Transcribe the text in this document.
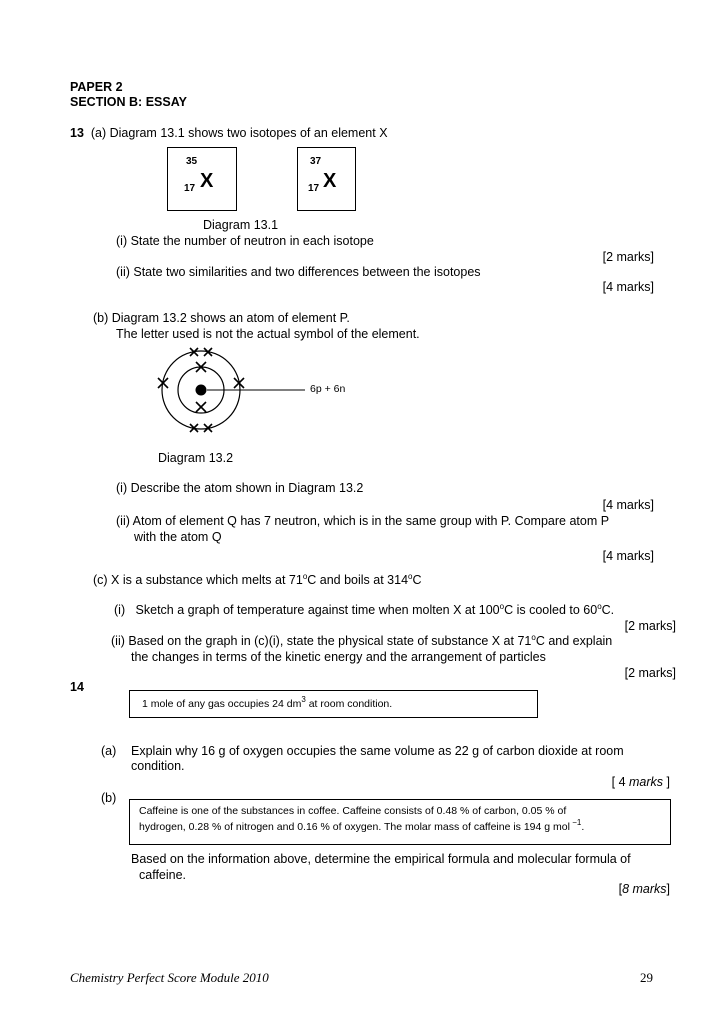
PAPER 2
SECTION B: ESSAY
13 (a) Diagram 13.1 shows two isotopes of an element X
35
17 X
37
17 X
Diagram 13.1
(i) State the number of neutron in each isotope
[2 marks]
(ii) State two similarities and two differences between the isotopes
[4 marks]
(b) Diagram 13.2 shows an atom of element P.
The letter used is not the actual symbol of the element.
6p + 6n
Diagram 13.2
(i) Describe the atom shown in Diagram 13.2
[4 marks]
(ii) Atom of element Q has 7 neutron, which is in the same group with P. Compare atom P
with the atom Q
[4 marks]
(c) X is a substance which melts at 71$^o$C and boils at 314$^o$C
(i) Sketch a graph of temperature against time when molten X at 100$^o$C is cooled to 60$^o$C.
[2 marks]
(ii) Based on the graph in (c)(i), state the physical state of substance X at 71$^o$C and explain
the changes in terms of the kinetic energy and the arrangement of particles
[2 marks]
14
1 mole of any gas occupies 24 $dm^3$ at room condition.
(a) Explain why 16 g of oxygen occupies the same volume as 22 g of carbon dioxide at room
condition.
[ 4 marks ]
(b)
Caffeine is one of the substances in coffee. Caffeine consists of 0.48 % of carbon, 0.05 % of
hydrogen, 0.28 % of nitrogen and 0.16 % of oxygen. The molar mass of caffeine is 194 g mol $^{-1}$.
Based on the information above, determine the empirical formula and molecular formula of
caffeine.
[8 marks]
Chemistry Perfect Score Module 2010	29
